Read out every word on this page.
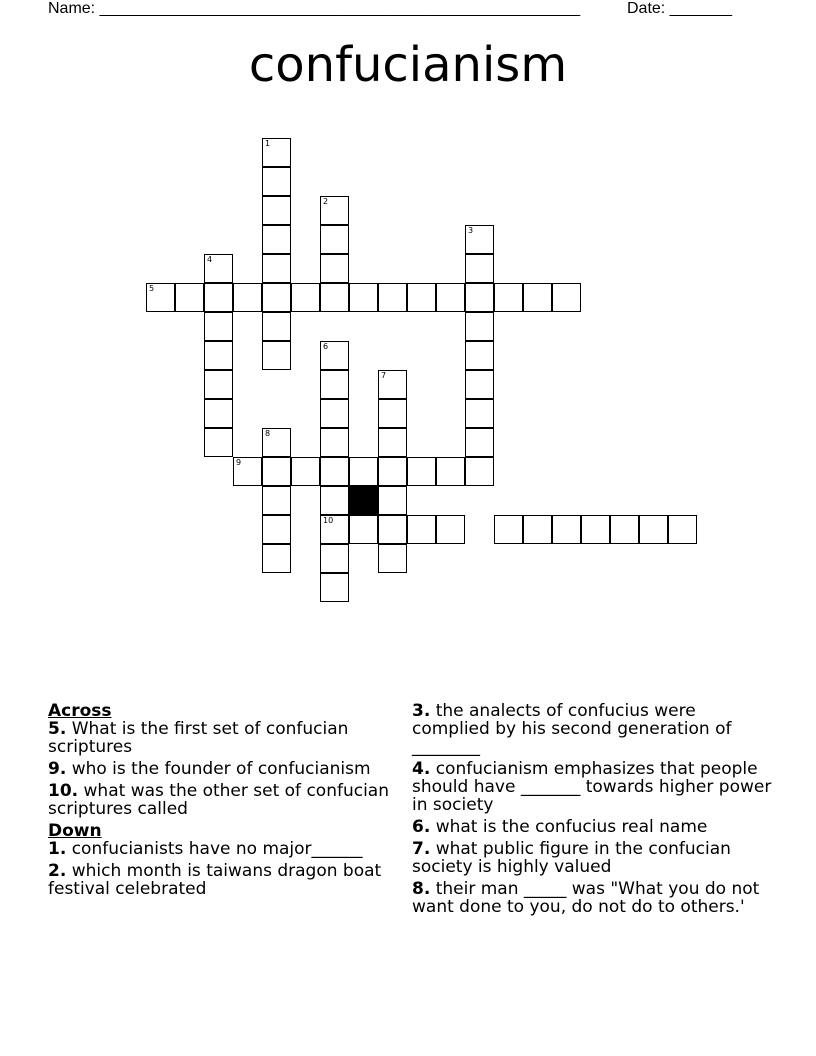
Name: ______________________________________________________	Date: _______
confucianism
1
2
3
4
5
6
7
8
9
10
Across
5. What is the first set of confucian scriptures
9. who is the founder of confucianism
10. what was the other set of confucian scriptures called
Down
1. confucianists have no major______
2. which month is taiwans dragon boat festival celebrated
3. the analects of confucius were complied by his second generation of ________
4. confucianism emphasizes that people should have _______ towards higher power in society
6. what is the confucius real name
7. what public figure in the confucian society is highly valued
8. their man _____ was "What you do not want done to you, do not do to others.'
